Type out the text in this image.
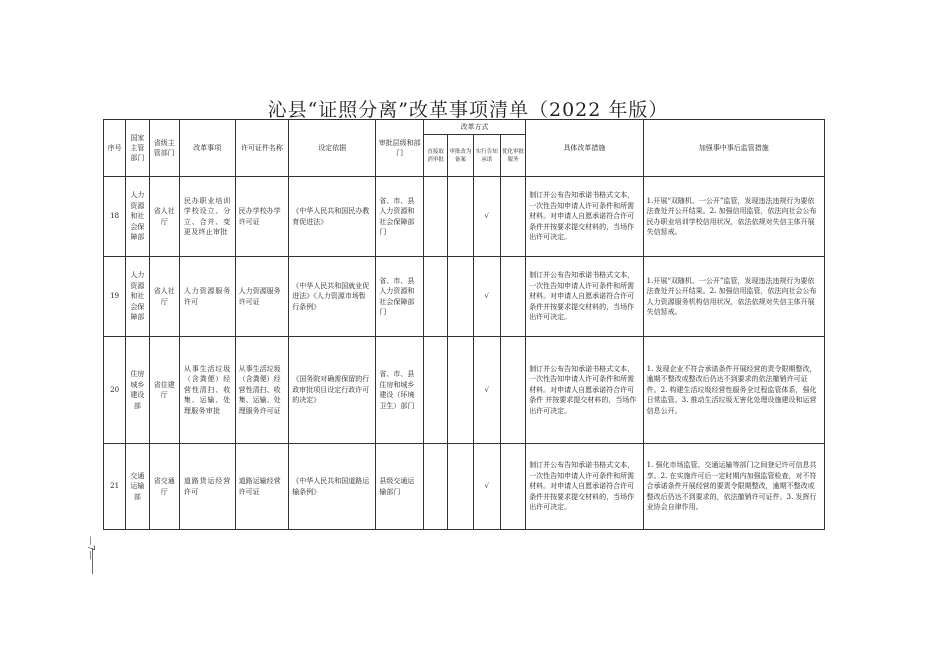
沁县“证照分离”改革事项清单（2022 年版）
序号	国家主管部门	省级主管部门	改革事项	许可证件名称	设定依据	审批层级和部门	改革方式				具体改革措施	加强事中事后监管措施
							直接取消审批	审批改为备案	实行告知承诺	优化审批服务		
18	人力资源和社会保障部	省人社厅	民办职业培训学校设立、分立、合并、变更及终止审批	民办学校办学许可证	《中华人民共和国民办教育促进法》	省、市、县人力资源和社会保障部门			√		制订并公布告知承诺书格式文本，一次性告知申请人许可条件和所需材料。对申请人自愿承诺符合许可条件并按要求提交材料的，当场作出许可决定。	1.开展“双随机、一公开”监管，发现违法违规行为要依法查处并公开结果。2. 加强信用监管，依法向社会公布民办职业培训学校信用状况，依法依规对失信主体开展失信惩戒。
19	人力资源和社会保障部	省人社厅	人力资源服务许可	人力资源服务许可证	《中华人民共和国就业促进法》《人力资源市场暂行条例》	省、市、县人力资源和社会保障部门			√		制订并公布告知承诺书格式文本，一次性告知申请人许可条件和所需材料。对申请人自愿承诺符合许可条件并按要求提交材料的，当场作出许可决定。	1.开展“双随机、一公开”监管，发现违法违规行为要依法查处并公开结果。2. 加强信用监管，依法向社会公布人力资源服务机构信用状况，依法依规对失信主体开展失信惩戒。
20	住房城乡建设部	省住建厅	从事生活垃圾（含粪便）经营性清扫、收集、运输、处理服务审批	从事生活垃圾（含粪便）经营性清扫、收集、运输、处理服务许可证	《国务院对确需保留的行政审批项目设定行政许可的决定》	省、市、县住房和城乡建设（环境卫生）部门			√		制订并公布告知承诺书格式文本，一次性告知申请人许可条件和所需材料。对申请人自愿承诺符合许可条件 并按要求提交材料的，当场作出许可决定。	1. 发现企业不符合承诺条件开展经营的责令限期整改，逾期不整改或整改后仍达不到要求的依法撤销许可证件。2. 构建生活垃圾经营性服务全过程监管体系，强化日常监管。3. 推动生活垃圾无害化处理设施建设和运营信息公开。
21	交通运输部	省交通厅	道路货运经营许可	道路运输经营许可证	《中华人民共和国道路运输条例》	县级交通运输部门			√		制订并公布告知承诺书格式文本，一次性告知申请人许可条件和所需材料。对申请人自愿承诺符合许可条件并按要求提交材料的，当场作出许可决定。	1. 强化市场监管、交通运输等部门之间登记许可信息共享。2. 在实施许可后一定时期内加强监管检查，对不符合承诺条件开展经营的要责令限期整改，逾期不整改或整改后仍达不到要求的，依法撤销许可证件。3. 发挥行业协会自律作用。
—7—
